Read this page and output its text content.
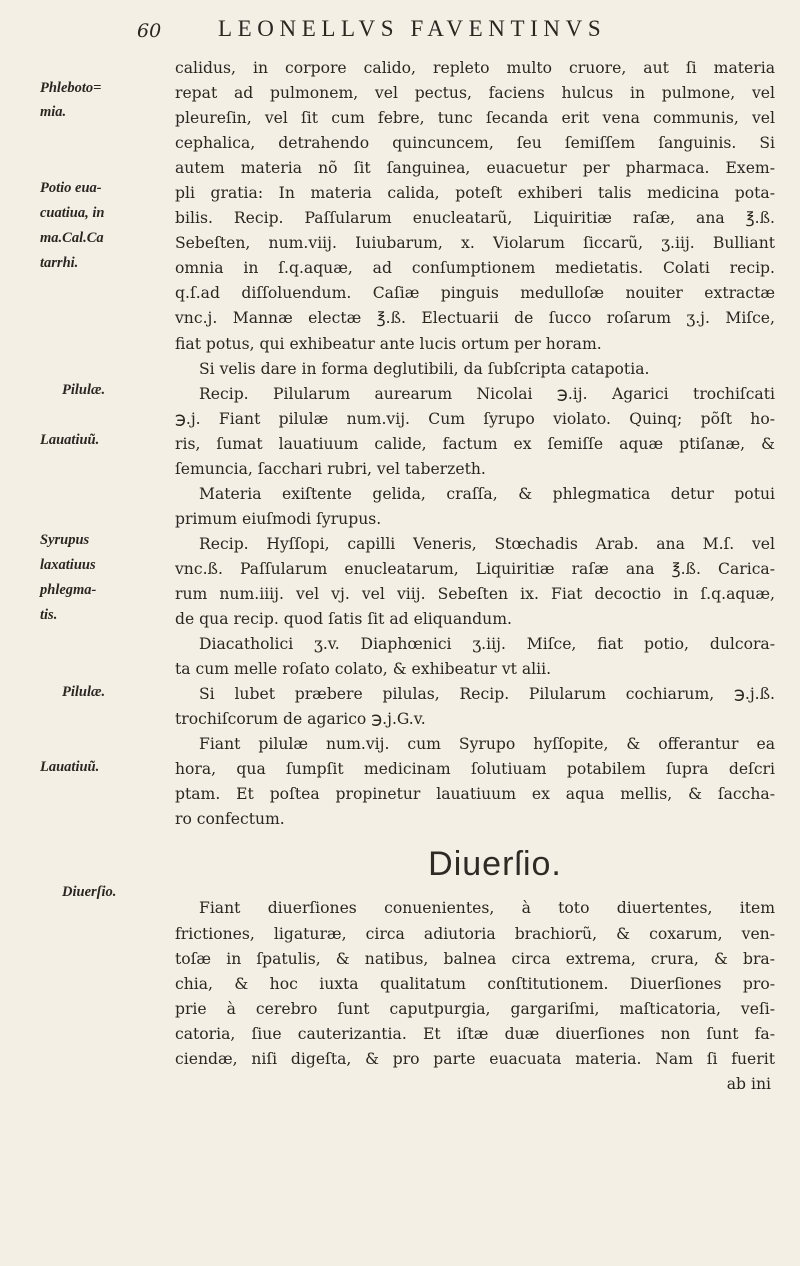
60 LEONELLVS FAVENTINVS
Phleboto=
mia.
Potio eua-
cuatiua, in
ma.Cal.Ca
tarrhi.
Pilulæ.
Lauatiuũ.
Syrupus
laxatiuus
phlegma-
tis.
Pilulæ.
Lauatiuũ.
Diuerſio.
calidus, in corpore calido, repleto multo cruore, aut ſi materia
repat ad pulmonem, vel pectus, faciens hulcus in pulmone, vel
pleureſin, vel ſit cum febre, tunc ſecanda erit vena communis, vel
cephalica, detrahendo quincuncem, ſeu ſemiſſem ſanguinis. Si
autem materia nõ ſit ſanguinea, euacuetur per pharmaca. Exem-
pli gratia: In materia calida, poteſt exhiberi talis medicina pota-
bilis. Recip. Paſſularum enucleatarũ, Liquiritiæ raſæ, ana ℥.ß.
Sebeſten, num.viij. Iuiubarum, x. Violarum ſiccarũ, ʒ.iij. Bulliant
omnia in ſ.q.aquæ, ad conſumptionem medietatis. Colati recip.
q.ſ.ad diſſoluendum. Caſiæ pinguis medulloſæ nouiter extractæ
vnc.j. Mannæ electæ ℥.ß. Electuarii de ſucco roſarum ʒ.j. Miſce,
fiat potus, qui exhibeatur ante lucis ortum per horam.
Si velis dare in forma deglutibili, da ſubſcripta catapotia.
Recip. Pilularum aurearum Nicolai ℈.ij. Agarici trochiſcati
℈.j. Fiant pilulæ num.vij. Cum ſyrupo violato. Quinq; põſt ho-
ris, ſumat lauatiuum calide, factum ex ſemiſſe aquæ ptiſanæ, &
ſemuncia, ſacchari rubri, vel taberzeth.
Materia exiſtente gelida, craſſa, & phlegmatica detur potui
primum eiuſmodi ſyrupus.
Recip. Hyſſopi, capilli Veneris, Stœchadis Arab. ana M.ſ. vel
vnc.ß. Paſſularum enucleatarum, Liquiritiæ raſæ ana ℥.ß. Carica-
rum num.iiij. vel vj. vel viij. Sebeſten ix. Fiat decoctio in ſ.q.aquæ,
de qua recip. quod ſatis ſit ad eliquandum.
Diacatholici ʒ.v. Diaphœnici ʒ.iij. Miſce, fiat potio, dulcora-
ta cum melle roſato colato, & exhibeatur vt alii.
Si lubet præbere pilulas, Recip. Pilularum cochiarum, ℈.j.ß.
trochiſcorum de agarico ℈.j.G.v.
Fiant pilulæ num.vij. cum Syrupo hyſſopite, & offerantur ea
hora, qua ſumpſit medicinam ſolutiuam potabilem ſupra deſcri
ptam. Et poſtea propinetur lauatiuum ex aqua mellis, & ſaccha-
ro confectum.
Diuerſio.
Fiant diuerſiones conuenientes, à toto diuertentes, item
frictiones, ligaturæ, circa adiutoria brachiorũ, & coxarum, ven-
toſæ in ſpatulis, & natibus, balnea circa extrema, crura, & bra-
chia, & hoc iuxta qualitatum conſtitutionem. Diuerſiones pro-
prie à cerebro ſunt caputpurgia, gargariſmi, maſticatoria, veſi-
catoria, ſiue cauterizantia. Et iſtæ duæ diuerſiones non ſunt fa-
ciendæ, niſi digeſta, & pro parte euacuata materia. Nam ſi fuerit
ab ini
